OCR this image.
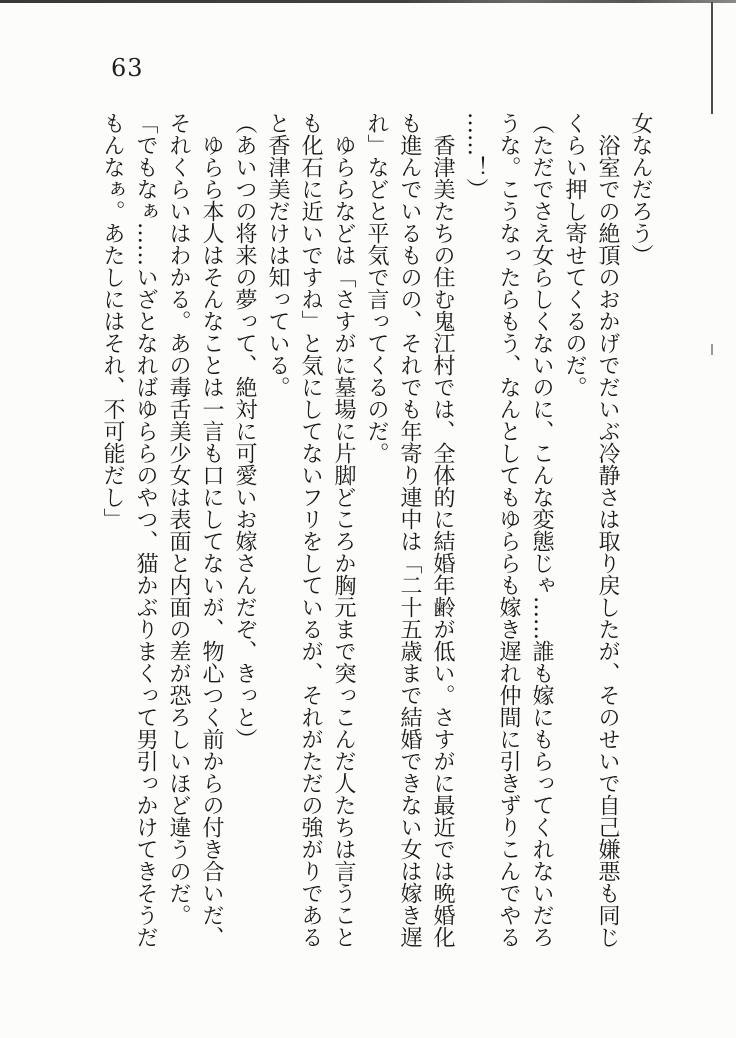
63
女なんだろう）
　浴室での絶頂のおかげでだいぶ冷静さは取り戻したが、そのせいで自己嫌悪も同じ
くらい押し寄せてくるのだ。
（ただでさえ女らしくないのに、こんな変態じゃ……誰も嫁にもらってくれないだろ
うな。こうなったらもう、なんとしてもゆららも嫁き遅れ仲間に引きずりこんでやる
……！）
　香津美たちの住む鬼江村では、全体的に結婚年齢が低い。さすがに最近では晩婚化
も進んでいるものの、それでも年寄り連中は「二十五歳まで結婚できない女は嫁き遅
れ」などと平気で言ってくるのだ。
　ゆららなどは「さすがに墓場に片脚どころか胸元まで突っこんだ人たちは言うこと
も化石に近いですね」と気にしてないフリをしているが、それがただの強がりである
と香津美だけは知っている。
（あいつの将来の夢って、絶対に可愛いお嫁さんだぞ、きっと）
　ゆらら本人はそんなことは一言も口にしてないが、物心つく前からの付き合いだ、
それくらいはわかる。あの毒舌美少女は表面と内面の差が恐ろしいほど違うのだ。
「でもなぁ……いざとなればゆららのやつ、猫かぶりまくって男引っかけてきそうだ
もんなぁ。あたしにはそれ、不可能だし」
